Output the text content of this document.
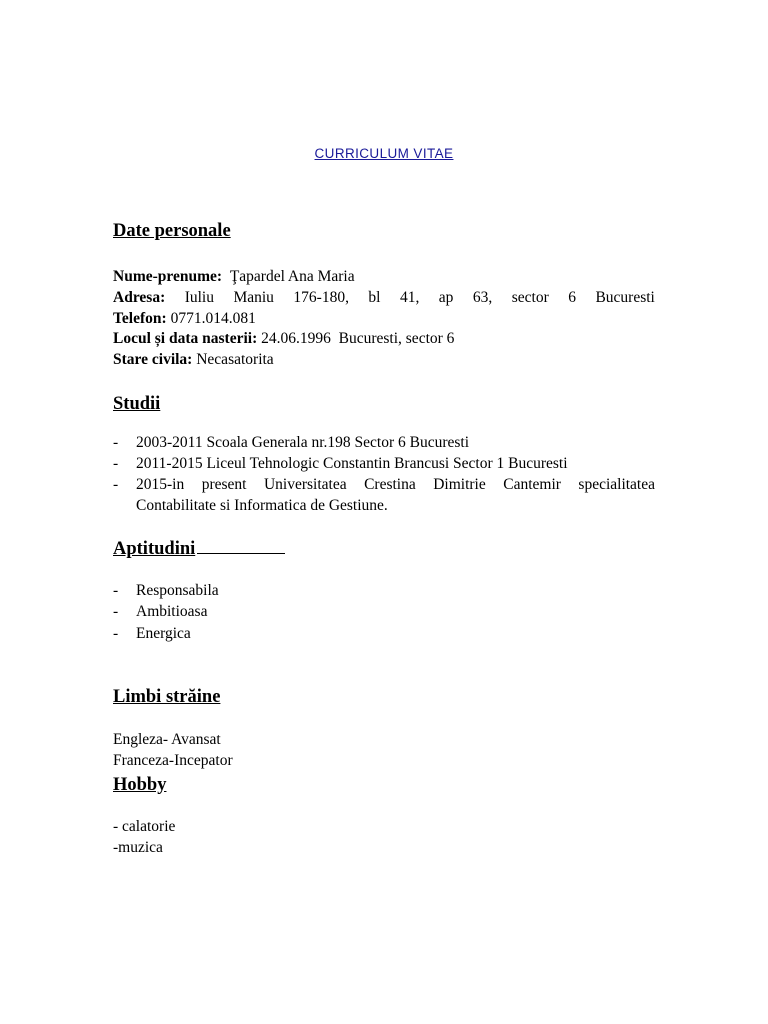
CURRICULUM VITAE
Date personale
Nume-prenume: Ţapardel Ana Maria
Adresa: Iuliu Maniu 176-180, bl 41, ap 63, sector 6 Bucuresti
Telefon: 0771.014.081
Locul și data nasterii: 24.06.1996  Bucuresti, sector 6
Stare civila: Necasatorita
Studii
- 2003-2011 Scoala Generala nr.198 Sector 6 Bucuresti
- 2011-2015 Liceul Tehnologic Constantin Brancusi Sector 1 Bucuresti
- 2015-in present Universitatea Crestina Dimitrie Cantemir specialitatea
Contabilitate si Informatica de Gestiune.
Aptitudini
- Responsabila
- Ambitioasa
- Energica
Limbi străine
Engleza- Avansat
Franceza-Incepator
Hobby
- calatorie
-muzica
